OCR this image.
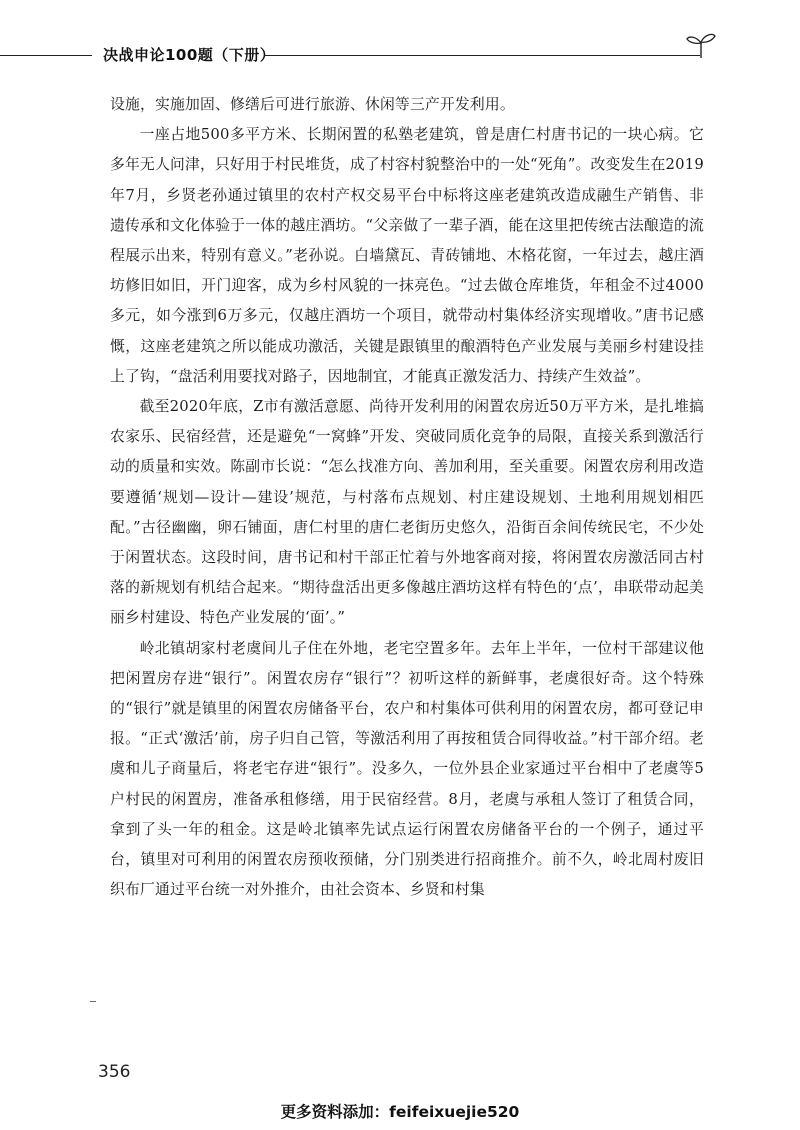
决战申论100题（下册）

设施，实施加固、修缮后可进行旅游、休闲等三产开发利用。

一座占地500多平方米、长期闲置的私塾老建筑，曾是唐仁村唐书记的一块心病。它多年无人问津，只好用于村民堆货，成了村容村貌整治中的一处“死角”。改变发生在2019年7月，乡贤老孙通过镇里的农村产权交易平台中标将这座老建筑改造成融生产销售、非遗传承和文化体验于一体的越庄酒坊。“父亲做了一辈子酒，能在这里把传统古法酿造的流程展示出来，特别有意义。”老孙说。白墙黛瓦、青砖铺地、木格花窗，一年过去，越庄酒坊修旧如旧，开门迎客，成为乡村风貌的一抹亮色。“过去做仓库堆货，年租金不过4000多元，如今涨到6万多元，仅越庄酒坊一个项目，就带动村集体经济实现增收。”唐书记感慨，这座老建筑之所以能成功激活，关键是跟镇里的酿酒特色产业发展与美丽乡村建设挂上了钩，“盘活利用要找对路子，因地制宜，才能真正激发活力、持续产生效益”。

截至2020年底，Z市有激活意愿、尚待开发利用的闲置农房近50万平方米，是扎堆搞农家乐、民宿经营，还是避免“一窝蜂”开发、突破同质化竞争的局限，直接关系到激活行动的质量和实效。陈副市长说：“怎么找准方向、善加利用，至关重要。闲置农房利用改造要遵循‘规划—设计—建设’规范，与村落布点规划、村庄建设规划、土地利用规划相匹配。”古径幽幽，卵石铺面，唐仁村里的唐仁老街历史悠久，沿街百余间传统民宅，不少处于闲置状态。这段时间，唐书记和村干部正忙着与外地客商对接，将闲置农房激活同古村落的新规划有机结合起来。“期待盘活出更多像越庄酒坊这样有特色的‘点’，串联带动起美丽乡村建设、特色产业发展的‘面’。”

岭北镇胡家村老虞间儿子住在外地，老宅空置多年。去年上半年，一位村干部建议他把闲置房存进“银行”。闲置农房存“银行”？初听这样的新鲜事，老虞很好奇。这个特殊的“银行”就是镇里的闲置农房储备平台，农户和村集体可供利用的闲置农房，都可登记申报。“正式‘激活’前，房子归自己管，等激活利用了再按租赁合同得收益。”村干部介绍。老虞和儿子商量后，将老宅存进“银行”。没多久，一位外县企业家通过平台相中了老虞等5户村民的闲置房，准备承租修缮，用于民宿经营。8月，老虞与承租人签订了租赁合同，拿到了头一年的租金。这是岭北镇率先试点运行闲置农房储备平台的一个例子，通过平台，镇里对可利用的闲置农房预收预储，分门别类进行招商推介。前不久，岭北周村废旧织布厂通过平台统一对外推介，由社会资本、乡贤和村集

356
更多资料添加：feifeixuejie520
